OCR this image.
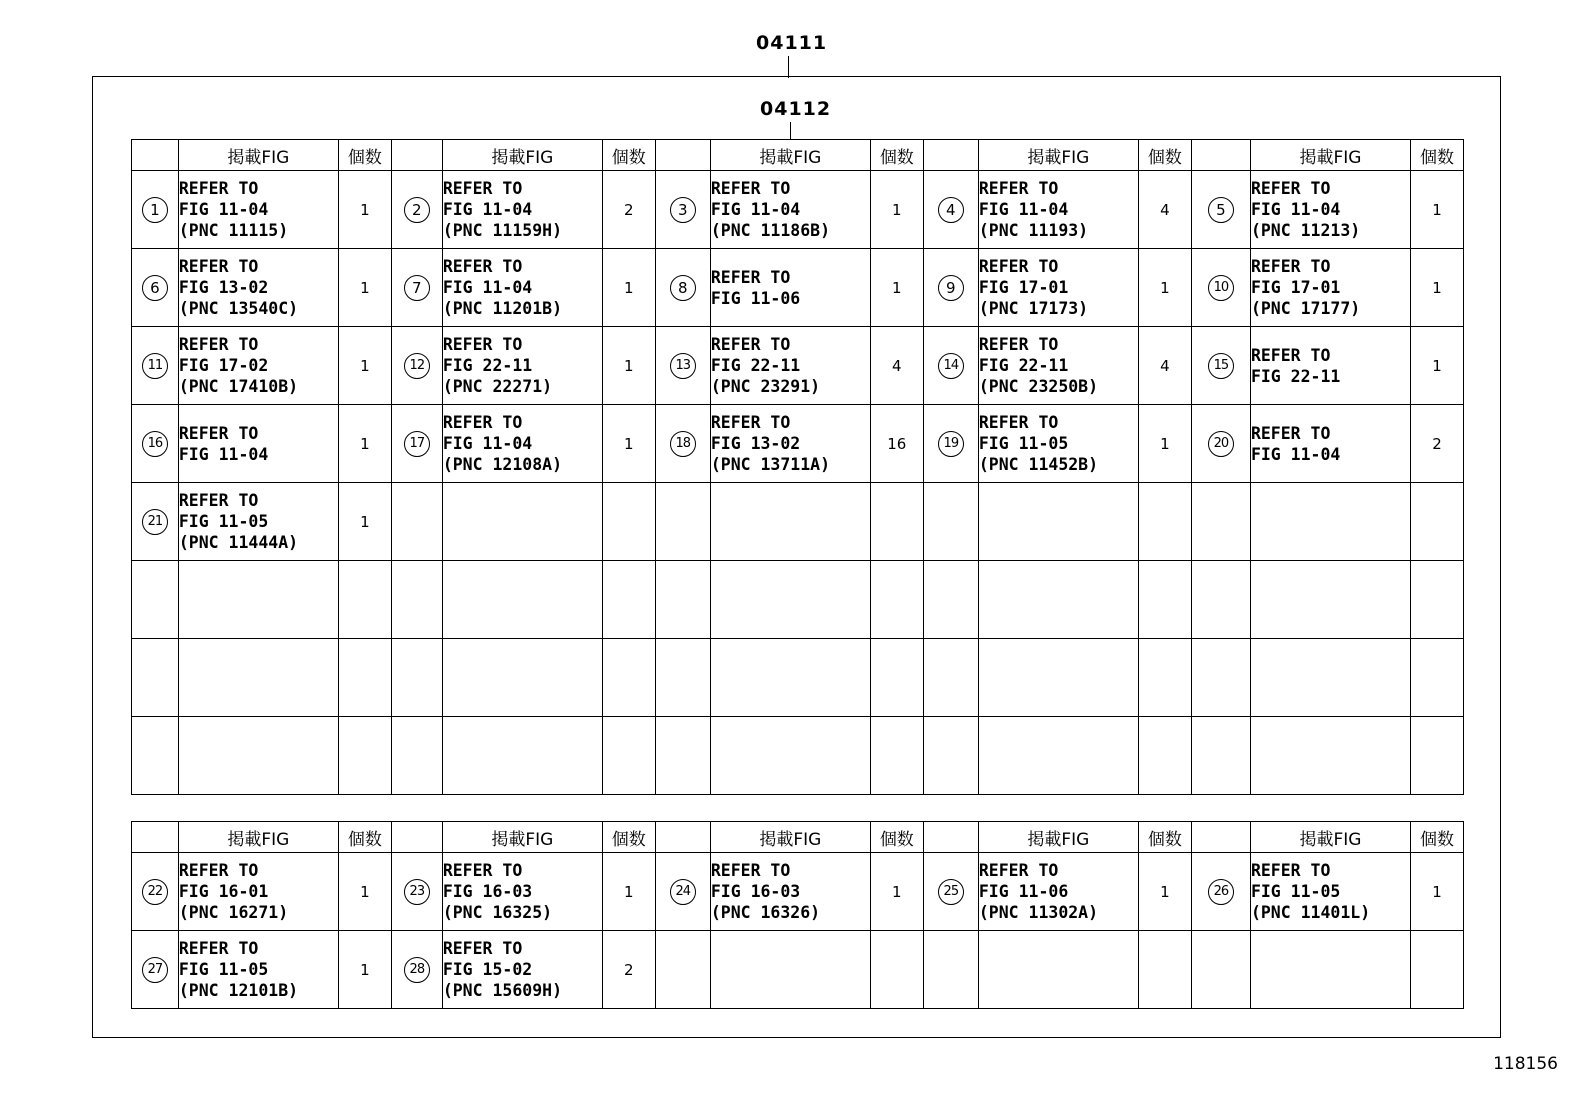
04111
04112
	掲載FIG	個数		掲載FIG	個数		掲載FIG	個数		掲載FIG	個数		掲載FIG	個数
1	REFER TO
FIG 11-04
(PNC 11115)	1	2	REFER TO
FIG 11-04
(PNC 11159H)	2	3	REFER TO
FIG 11-04
(PNC 11186B)	1	4	REFER TO
FIG 11-04
(PNC 11193)	4	5	REFER TO
FIG 11-04
(PNC 11213)	1
6	REFER TO
FIG 13-02
(PNC 13540C)	1	7	REFER TO
FIG 11-04
(PNC 11201B)	1	8	REFER TO
FIG 11-06	1	9	REFER TO
FIG 17-01
(PNC 17173)	1	10	REFER TO
FIG 17-01
(PNC 17177)	1
11	REFER TO
FIG 17-02
(PNC 17410B)	1	12	REFER TO
FIG 22-11
(PNC 22271)	1	13	REFER TO
FIG 22-11
(PNC 23291)	4	14	REFER TO
FIG 22-11
(PNC 23250B)	4	15	REFER TO
FIG 22-11	1
16	REFER TO
FIG 11-04	1	17	REFER TO
FIG 11-04
(PNC 12108A)	1	18	REFER TO
FIG 13-02
(PNC 13711A)	16	19	REFER TO
FIG 11-05
(PNC 11452B)	1	20	REFER TO
FIG 11-04	2
21	REFER TO
FIG 11-05
(PNC 11444A)	1												

	掲載FIG	個数		掲載FIG	個数		掲載FIG	個数		掲載FIG	個数		掲載FIG	個数
22	REFER TO
FIG 16-01
(PNC 16271)	1	23	REFER TO
FIG 16-03
(PNC 16325)	1	24	REFER TO
FIG 16-03
(PNC 16326)	1	25	REFER TO
FIG 11-06
(PNC 11302A)	1	26	REFER TO
FIG 11-05
(PNC 11401L)	1
27	REFER TO
FIG 11-05
(PNC 12101B)	1	28	REFER TO
FIG 15-02
(PNC 15609H)	2									
118156
